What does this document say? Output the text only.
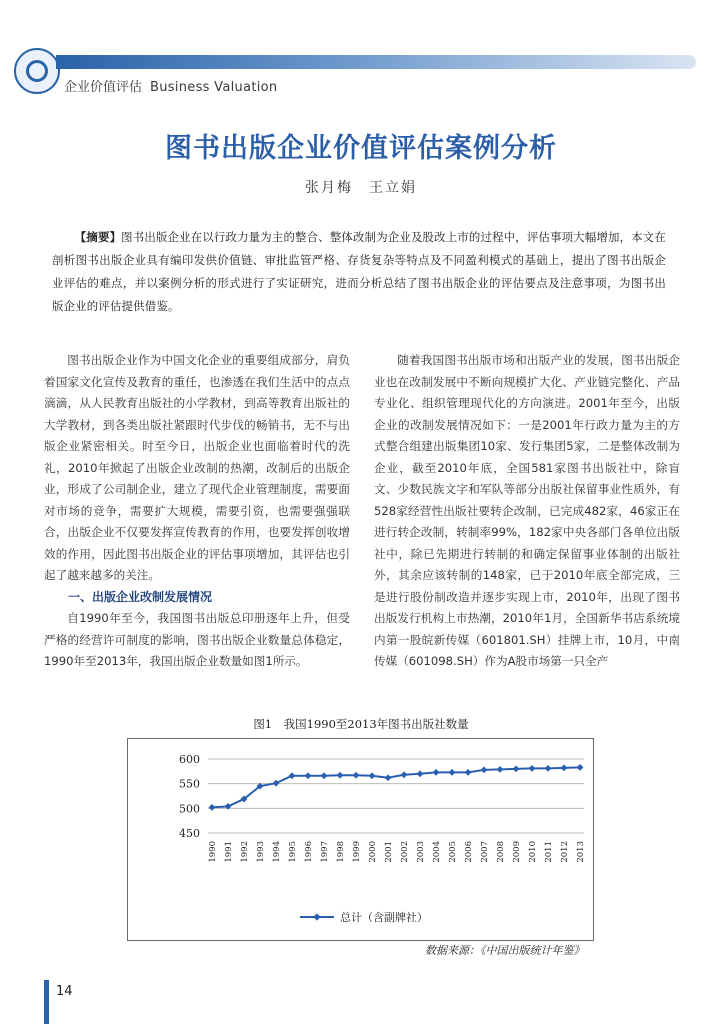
企业价值评估 Business Valuation
图书出版企业价值评估案例分析
张月梅　王立娟
【摘要】图书出版企业在以行政力量为主的整合、整体改制为企业及股改上市的过程中，评估事项大幅增加，本文在剖析图书出版企业具有编印发供价值链、审批监管严格、存货复杂等特点及不同盈利模式的基础上，提出了图书出版企业评估的难点，并以案例分析的形式进行了实证研究，进而分析总结了图书出版企业的评估要点及注意事项，为图书出版企业的评估提供借鉴。

图书出版企业作为中国文化企业的重要组成部分，肩负着国家文化宣传及教育的重任，也渗透在我们生活中的点点滴滴，从人民教育出版社的小学教材，到高等教育出版社的大学教材，到各类出版社紧跟时代步伐的畅销书，无不与出版企业紧密相关。时至今日，出版企业也面临着时代的洗礼，2010年掀起了出版企业改制的热潮，改制后的出版企业，形成了公司制企业，建立了现代企业管理制度，需要面对市场的竞争，需要扩大规模，需要引资，也需要强强联合，出版企业不仅要发挥宣传教育的作用，也要发挥创收增效的作用，因此图书出版企业的评估事项增加，其评估也引起了越来越多的关注。

一、出版企业改制发展情况

自1990年至今，我国图书出版总印册逐年上升，但受严格的经营许可制度的影响，图书出版企业数量总体稳定，1990年至2013年，我国出版企业数量如图1所示。

随着我国图书出版市场和出版产业的发展，图书出版企业也在改制发展中不断向规模扩大化、产业链完整化、产品专业化、组织管理现代化的方向演进。2001年至今，出版企业的改制发展情况如下：一是2001年行政力量为主的方式整合组建出版集团10家、发行集团5家，二是整体改制为企业，截至2010年底，全国581家图书出版社中，除盲文、少数民族文字和军队等部分出版社保留事业性质外，有528家经营性出版社要转企改制，已完成482家，46家正在进行转企改制，转制率99%，182家中央各部门各单位出版社中，除已先期进行转制的和确定保留事业体制的出版社外，其余应该转制的148家，已于2010年底全部完成，三是进行股份制改造并逐步实现上市，2010年，出现了图书出版发行机构上市热潮，2010年1月，全国新华书店系统境内第一股皖新传媒（601801.SH）挂牌上市，10月，中南传媒（601098.SH）作为A股市场第一只全产

图1　我国1990至2013年图书出版社数量
450
500
550
600
1990 1991 1992 1993 1994 1995 1996 1997 1998 1999 2000 2001 2002 2003 2004 2005 2006 2007 2008 2009 2010 2011 2012 2013
总计（含副牌社）
数据来源：《中国出版统计年鉴》
14
